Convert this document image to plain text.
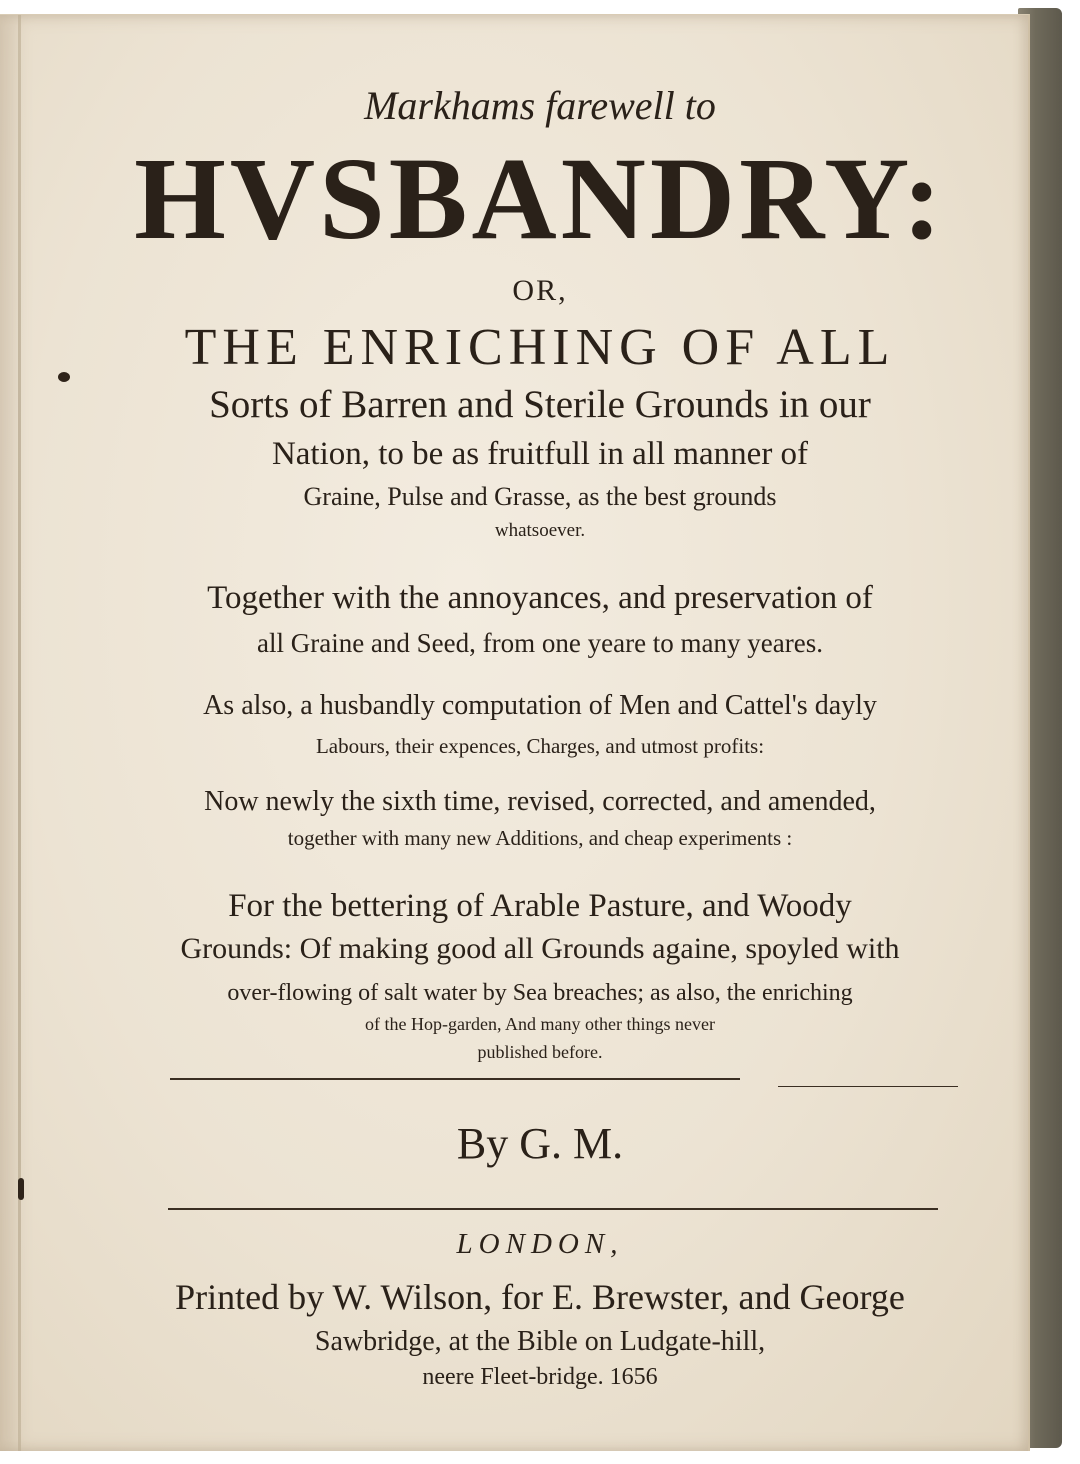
Markhams farewell to
HVSBANDRY:
OR,
THE ENRICHING OF ALL
Sorts of Barren and Sterile Grounds in our
Nation, to be as fruitfull in all manner of
Graine, Pulse and Grasse, as the best grounds
whatsoever.
Together with the annoyances, and preservation of
all Graine and Seed, from one yeare to many yeares.
As also, a husbandly computation of Men and Cattel's dayly
Labours, their expences, Charges, and utmost profits:
Now newly the sixth time, revised, corrected, and amended,
together with many new Additions, and cheap experiments :
For the bettering of Arable Pasture, and Woody
Grounds: Of making good all Grounds againe, spoyled with
over-flowing of salt water by Sea breaches; as also, the enriching
of the Hop-garden, And many other things never
published before.
By G. M.
LONDON,
Printed by W. Wilson, for E. Brewster, and George
Sawbridge, at the Bible on Ludgate-hill,
neere Fleet-bridge. 1656
